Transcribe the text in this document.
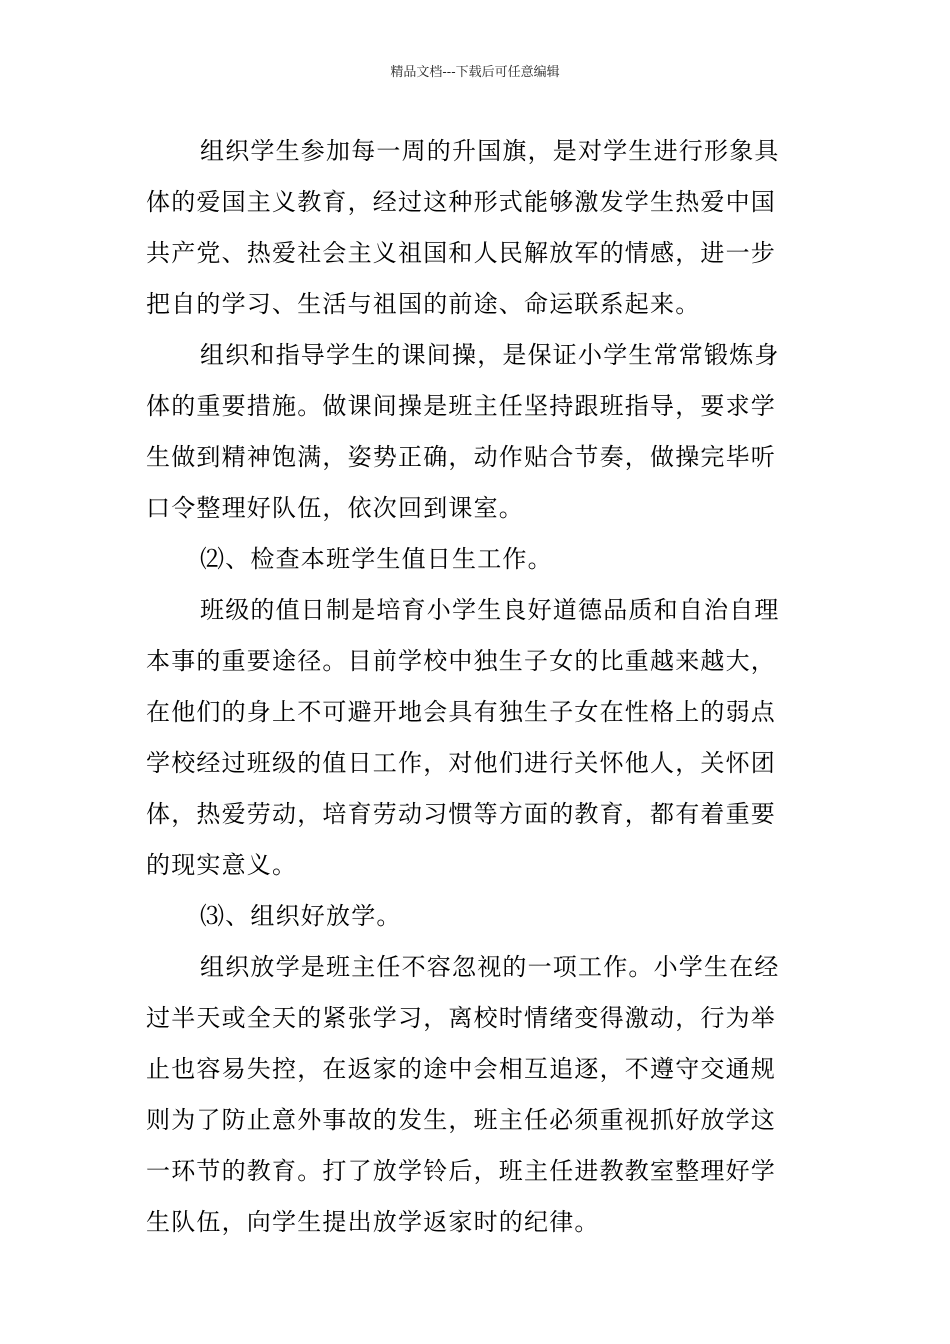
精品文档---下载后可任意编辑
组织学生参加每一周的升国旗，是对学生进行形象具
体的爱国主义教育，经过这种形式能够激发学生热爱中国
共产党、热爱社会主义祖国和人民解放军的情感，进一步
把自的学习、生活与祖国的前途、命运联系起来。
组织和指导学生的课间操，是保证小学生常常锻炼身
体的重要措施。做课间操是班主任坚持跟班指导，要求学
生做到精神饱满，姿势正确，动作贴合节奏，做操完毕听
口令整理好队伍，依次回到课室。
⑵、检查本班学生值日生工作。
班级的值日制是培育小学生良好道德品质和自治自理
本事的重要途径。目前学校中独生子女的比重越来越大，
在他们的身上不可避开地会具有独生子女在性格上的弱点
学校经过班级的值日工作，对他们进行关怀他人，关怀团
体，热爱劳动，培育劳动习惯等方面的教育，都有着重要
的现实意义。
⑶、组织好放学。
组织放学是班主任不容忽视的一项工作。小学生在经
过半天或全天的紧张学习，离校时情绪变得激动，行为举
止也容易失控，在返家的途中会相互追逐，不遵守交通规
则为了防止意外事故的发生，班主任必须重视抓好放学这
一环节的教育。打了放学铃后，班主任进教教室整理好学
生队伍，向学生提出放学返家时的纪律。
